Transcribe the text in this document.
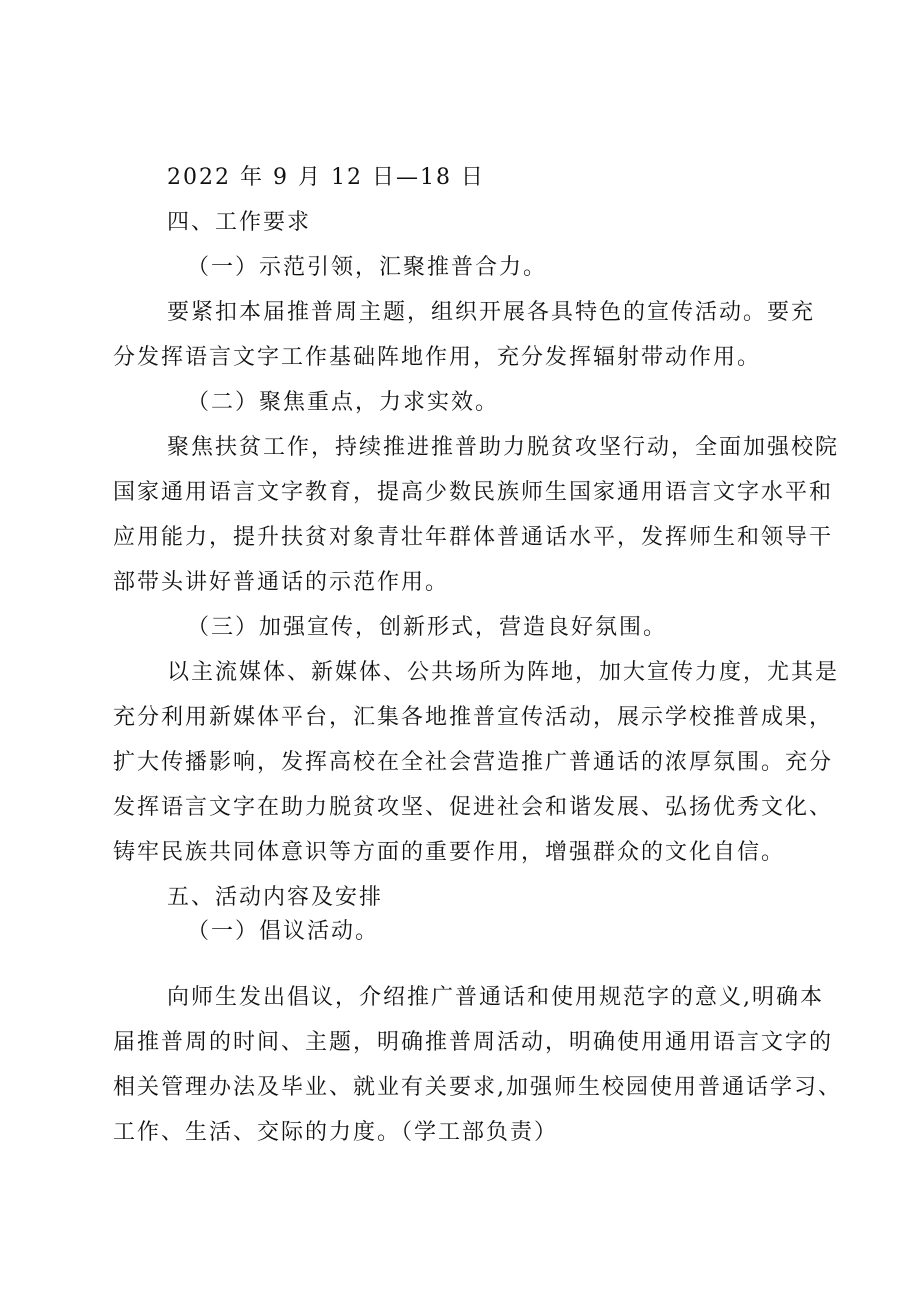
2022 年 9 月 12 日—18 日
四、工作要求
（一）示范引领，汇聚推普合力。
要紧扣本届推普周主题，组织开展各具特色的宣传活动。要充
分发挥语言文字工作基础阵地作用，充分发挥辐射带动作用。
（二）聚焦重点，力求实效。
聚焦扶贫工作，持续推进推普助力脱贫攻坚行动，全面加强校院
国家通用语言文字教育，提高少数民族师生国家通用语言文字水平和
应用能力，提升扶贫对象青壮年群体普通话水平，发挥师生和领导干
部带头讲好普通话的示范作用。
（三）加强宣传，创新形式，营造良好氛围。
以主流媒体、新媒体、公共场所为阵地，加大宣传力度，尤其是
充分利用新媒体平台，汇集各地推普宣传活动，展示学校推普成果，
扩大传播影响，发挥高校在全社会营造推广普通话的浓厚氛围。充分
发挥语言文字在助力脱贫攻坚、促进社会和谐发展、弘扬优秀文化、
铸牢民族共同体意识等方面的重要作用，增强群众的文化自信。
五、活动内容及安排
（一）倡议活动。
向师生发出倡议，介绍推广普通话和使用规范字的意义,明确本
届推普周的时间、主题，明确推普周活动，明确使用通用语言文字的
相关管理办法及毕业、就业有关要求,加强师生校园使用普通话学习、
工作、生活、交际的力度。（学工部负责）
